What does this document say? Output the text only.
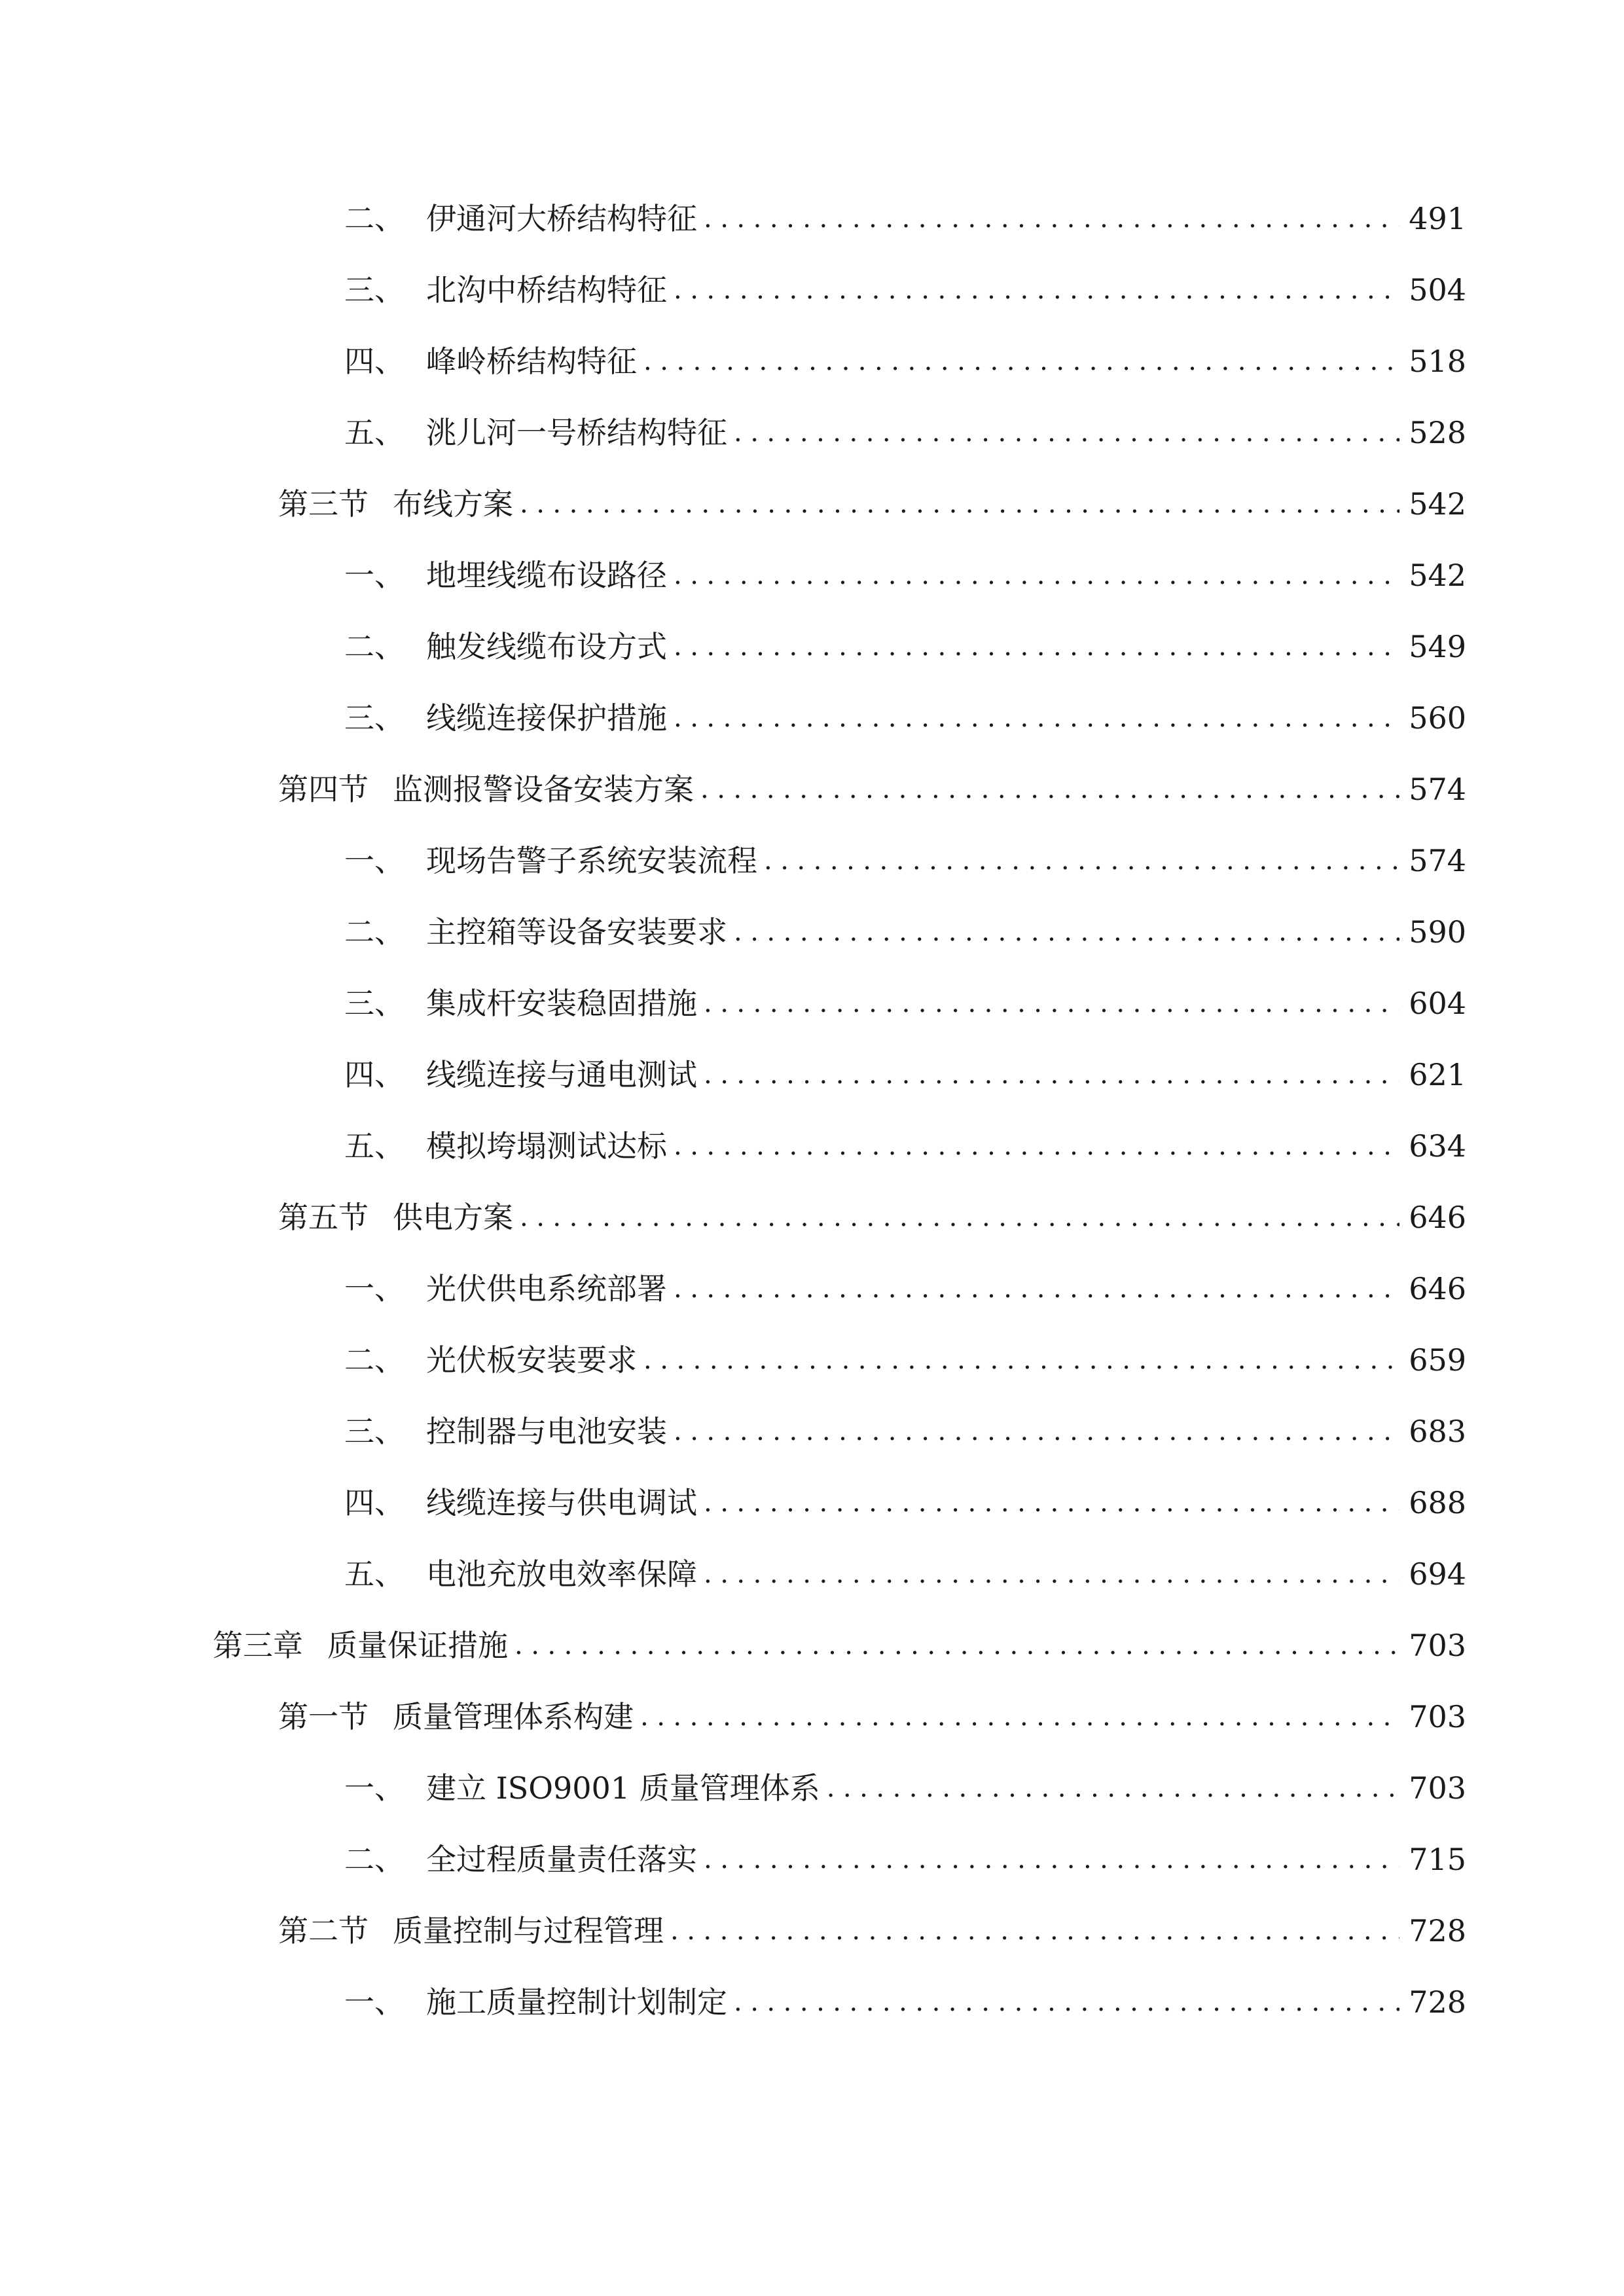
二、 伊通河大桥结构特征 .....	491
三、 北沟中桥结构特征 .....	504
四、 峰岭桥结构特征 .....	518
五、 洮儿河一号桥结构特征 .....	528
第三节 布线方案 .....	542
一、 地埋线缆布设路径 .....	542
二、 触发线缆布设方式 .....	549
三、 线缆连接保护措施 .....	560
第四节 监测报警设备安装方案 .....	574
一、 现场告警子系统安装流程 .....	574
二、 主控箱等设备安装要求 .....	590
三、 集成杆安装稳固措施 .....	604
四、 线缆连接与通电测试 .....	621
五、 模拟垮塌测试达标 .....	634
第五节 供电方案 .....	646
一、 光伏供电系统部署 .....	646
二、 光伏板安装要求 .....	659
三、 控制器与电池安装 .....	683
四、 线缆连接与供电调试 .....	688
五、 电池充放电效率保障 .....	694
第三章 质量保证措施 .....	703
第一节 质量管理体系构建 .....	703
一、 建立 ISO9001 质量管理体系 .....	703
二、 全过程质量责任落实 .....	715
第二节 质量控制与过程管理 .....	728
一、 施工质量控制计划制定 .....	728
